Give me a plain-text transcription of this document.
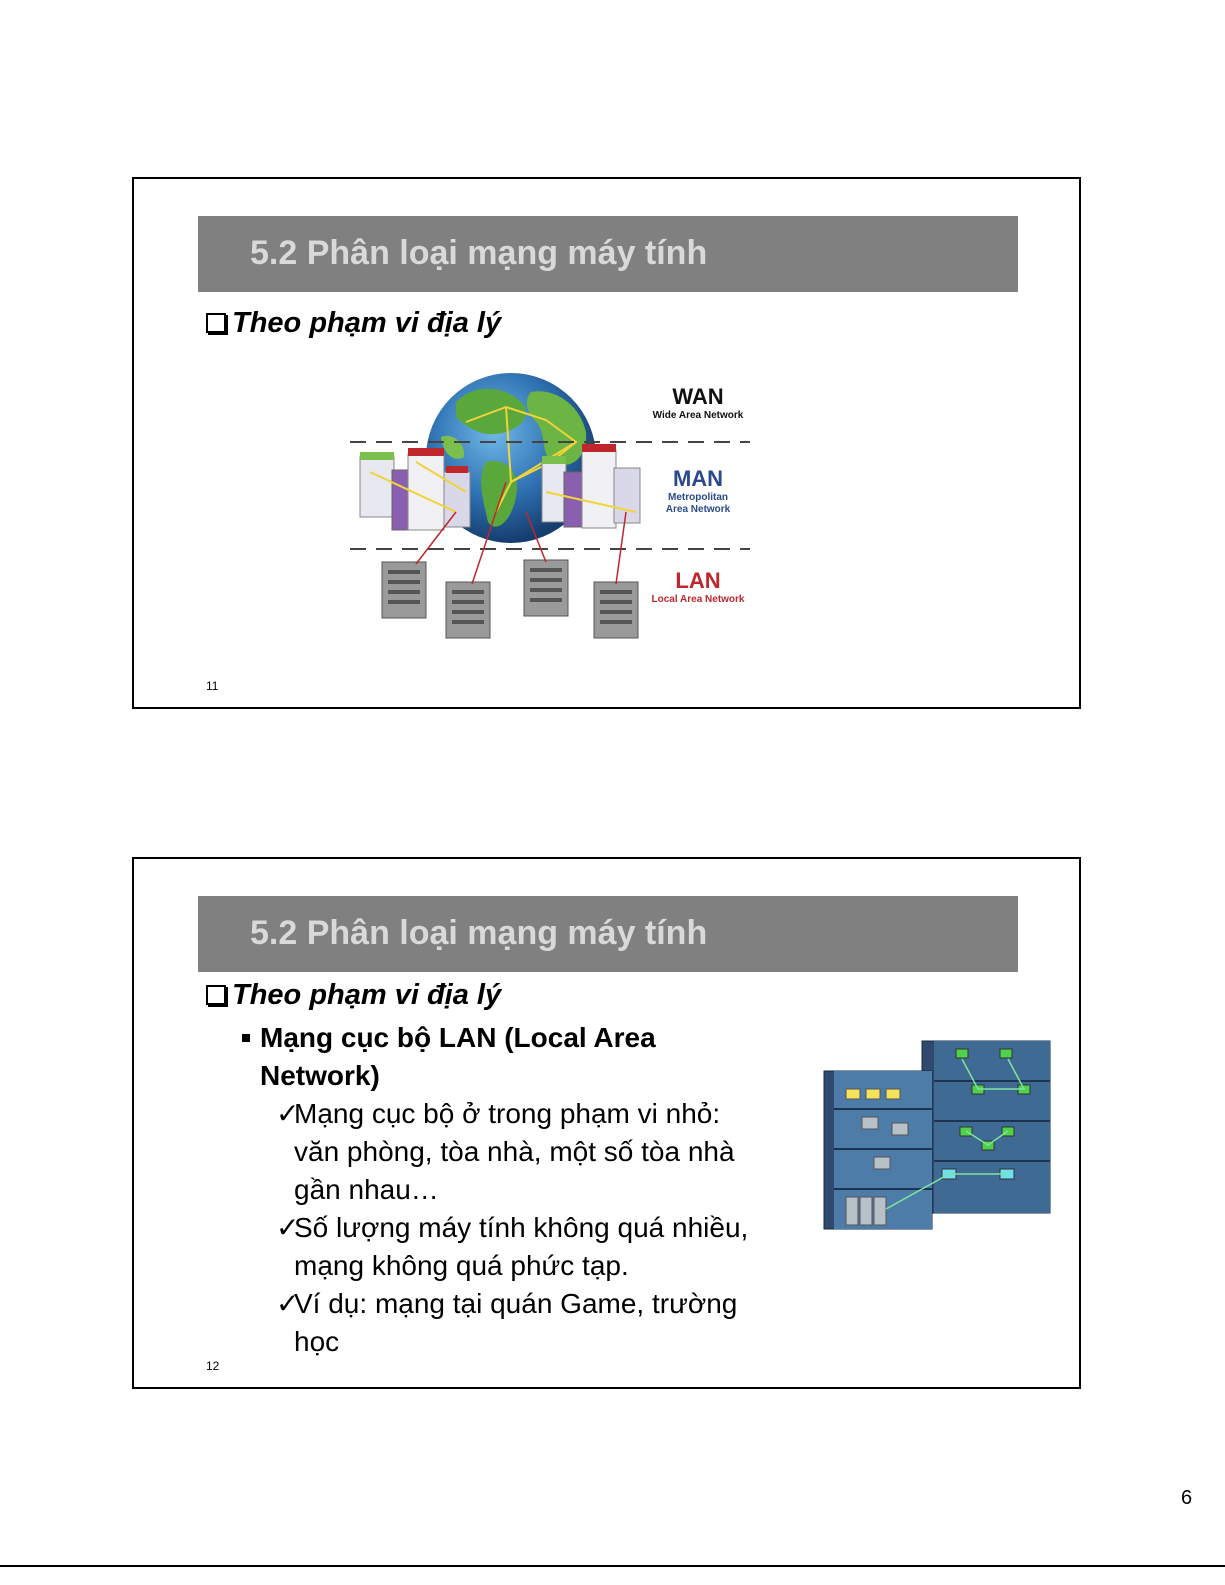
5.2 Phân loại mạng máy tính
Theo phạm vi địa lý
WAN
Wide Area Network
MAN
Metropolitan
Area Network
LAN
Local Area Network
11
5.2 Phân loại mạng máy tính
Theo phạm vi địa lý
Mạng cục bộ LAN (Local Area
Network)
✓
Mạng cục bộ ở trong phạm vi nhỏ:
văn phòng, tòa nhà, một số tòa nhà
gần nhau…
✓
Số lượng máy tính không quá nhiều,
mạng không quá phức tạp.
✓
Ví dụ: mạng tại quán Game, trường
học
12
6
